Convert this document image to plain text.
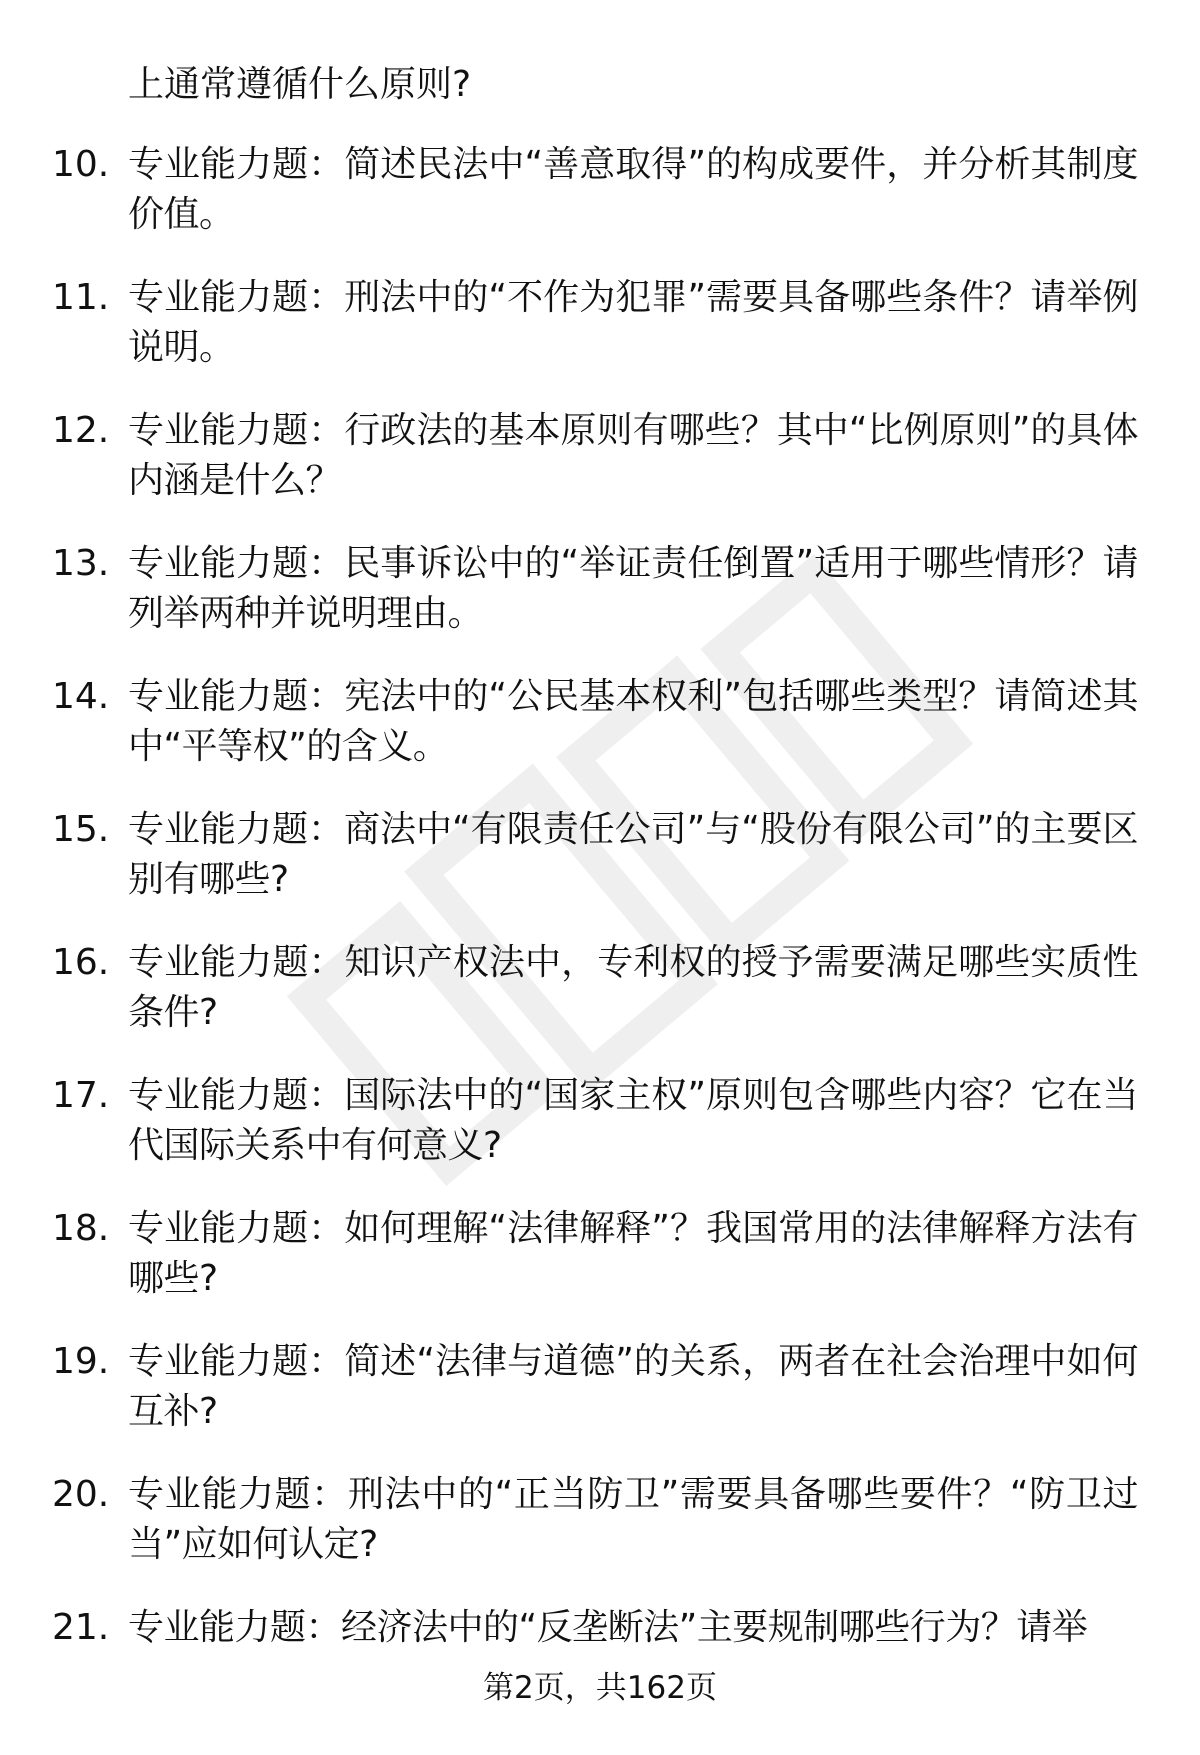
上通常遵循什么原则?
10. 专业能力题：简述民法中“善意取得”的构成要件，并分析其制度价值。
11. 专业能力题：刑法中的“不作为犯罪”需要具备哪些条件？请举例说明。
12. 专业能力题：行政法的基本原则有哪些？其中“比例原则”的具体内涵是什么？
13. 专业能力题：民事诉讼中的“举证责任倒置”适用于哪些情形？请列举两种并说明理由。
14. 专业能力题：宪法中的“公民基本权利”包括哪些类型？请简述其中“平等权”的含义。
15. 专业能力题：商法中“有限责任公司”与“股份有限公司”的主要区别有哪些?
16. 专业能力题：知识产权法中，专利权的授予需要满足哪些实质性条件?
17. 专业能力题：国际法中的“国家主权”原则包含哪些内容？它在当代国际关系中有何意义?
18. 专业能力题：如何理解“法律解释”？我国常用的法律解释方法有哪些?
19. 专业能力题：简述“法律与道德”的关系，两者在社会治理中如何互补?
20. 专业能力题：刑法中的“正当防卫”需要具备哪些要件？“防卫过当”应如何认定?
21. 专业能力题：经济法中的“反垄断法”主要规制哪些行为？请举
第2页，共162页
